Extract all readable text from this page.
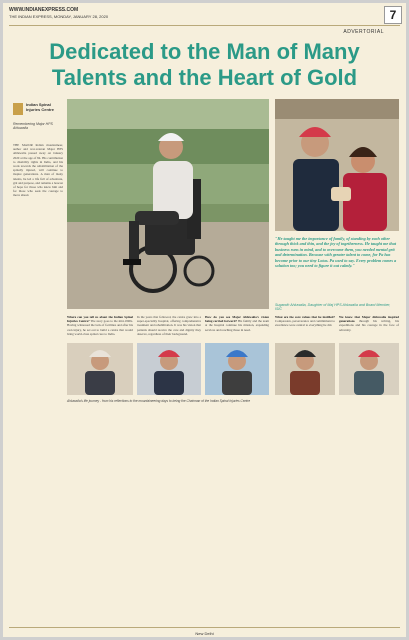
WWW.INDIANEXPRESS.COM
THE INDIAN EXPRESS, MONDAY, JANUARY 28, 2020	7
ADVERTORIAL
Dedicated to the Man of Many
Talents and the Heart of Gold
Indian Spinal Injuries Centre
Remembering Major HPS Ahluwalia
"He taught me the importance of family, of standing by each other through thick and thin, and the joy of togetherness. He taught me that business runs in mind, and to overcome them, you needed mental grit and determination. Because with greater talent to come, for Pa has become prior to our tiny Lotus. Pa used to say. Every problem comes a solution too; you need to figure it out calmly."
Sugandh Ahluwalia, Daughter of Maj HPS Ahluwalia and Board Member, ISIC
THE MAJOR Indian mountaineer, author and war-veteran Major HPS Ahluwalia passed away on January 2020 at the age of 84. His contribution to disability rights in India, and his work towards the rehabilitation of the spinally injured, will continue to inspire generations. A man of many talents, he led a life full of adventure, grit and purpose, and remains a beacon of hope for those who knew him and for those who seek the courage to move ahead.
Where can you tell us about the Indian Spinal Injuries Centre? The story goes to the mid-1990s. Having witnessed the lack of facilities and after his own injury, he set out to build a centre that would bring world-class spinal care to India.
In the years that followed, the centre grew into a super-speciality hospital, offering comprehensive treatment and rehabilitation. It was his vision that patients should receive the care and dignity they deserve, regardless of their background.
How do you see Major Ahluwalia's vision being carried forward? His family and the team at the hospital continue his mission, expanding services and reaching those in need.
What are the core values that he instilled? Compassion, perseverance and commitment to excellence were central to everything he did.
We know that Major Ahluwalia inspired generations through his writing, his expeditions and his courage in the face of adversity.
Ahluwalia's life journey - from his reflections to the mountaineering days to being the Chairman of the Indian Spinal Injuries Centre
New Delhi
